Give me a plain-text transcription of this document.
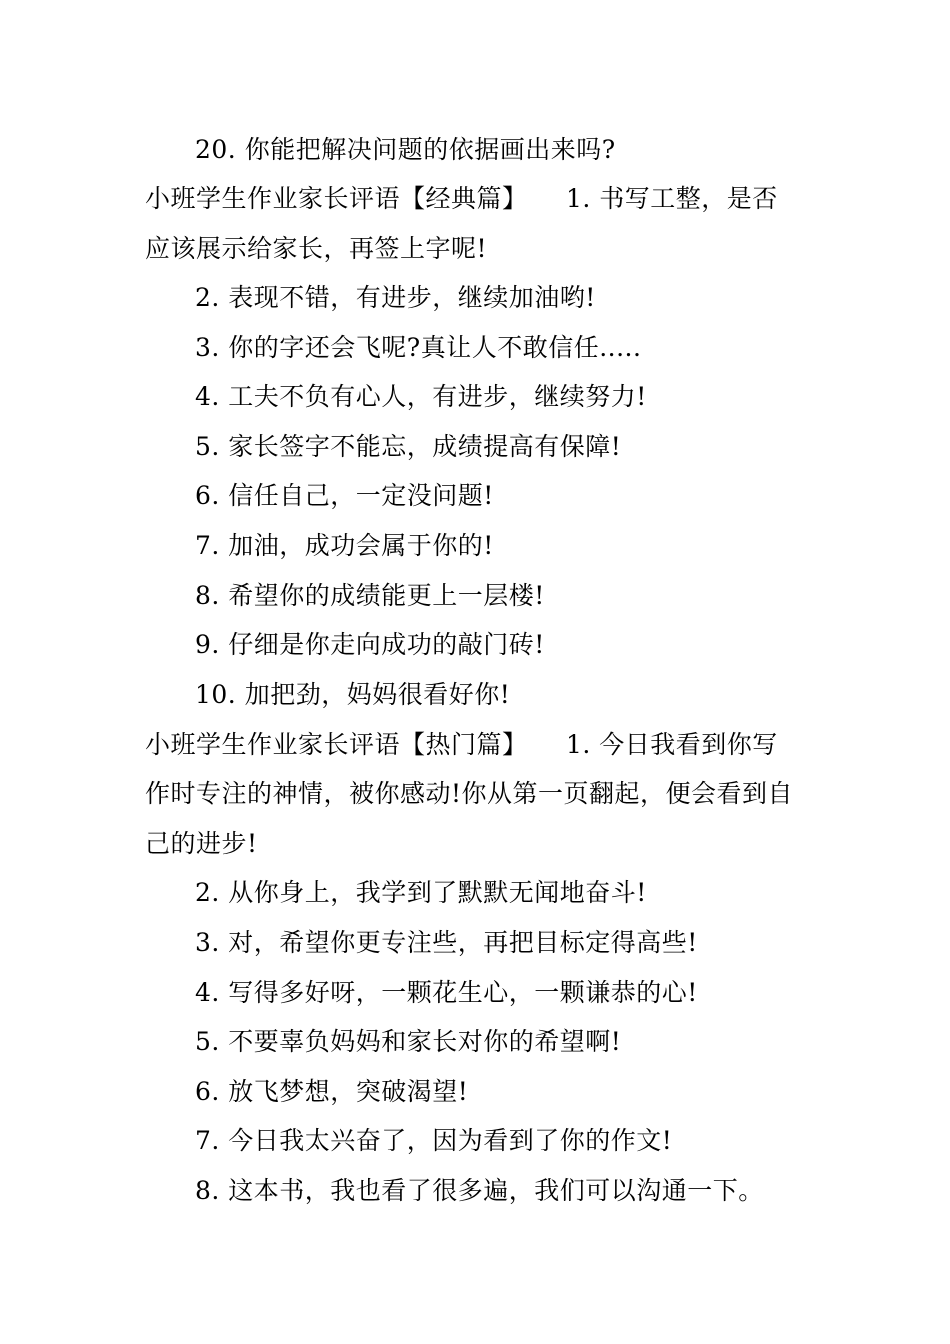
20. 你能把解决问题的依据画出来吗?
小班学生作业家长评语【经典篇】　　1. 书写工整，是否
应该展示给家长，再签上字呢!
2. 表现不错，有进步，继续加油哟!
3. 你的字还会飞呢?真让人不敢信任.....
4. 工夫不负有心人，有进步，继续努力!
5. 家长签字不能忘，成绩提高有保障!
6. 信任自己，一定没问题!
7. 加油，成功会属于你的!
8. 希望你的成绩能更上一层楼!
9. 仔细是你走向成功的敲门砖!
10. 加把劲，妈妈很看好你!
小班学生作业家长评语【热门篇】　　1. 今日我看到你写
作时专注的神情，被你感动!你从第一页翻起，便会看到自
己的进步!
2. 从你身上，我学到了默默无闻地奋斗!
3. 对，希望你更专注些，再把目标定得高些!
4. 写得多好呀，一颗花生心，一颗谦恭的心!
5. 不要辜负妈妈和家长对你的希望啊!
6. 放飞梦想，突破渴望!
7. 今日我太兴奋了，因为看到了你的作文!
8. 这本书，我也看了很多遍，我们可以沟通一下。
